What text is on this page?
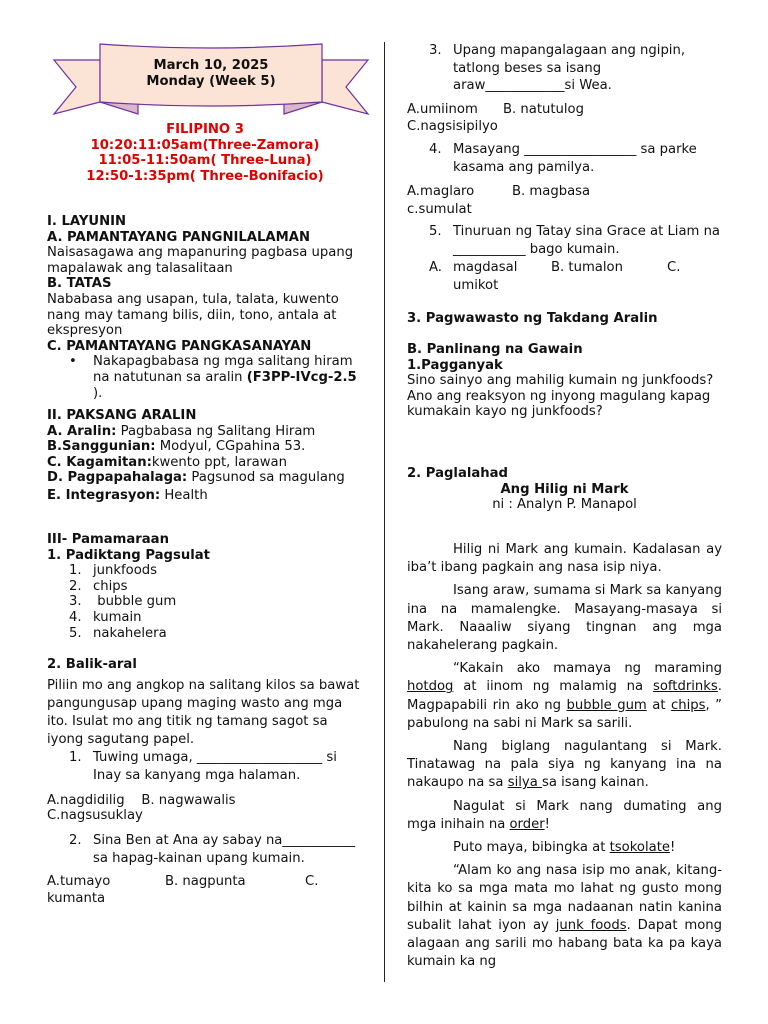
March 10, 2025
Monday (Week 5)
FILIPINO 3
10:20:11:05am(Three-Zamora)
11:05-11:50am( Three-Luna)
12:50-1:35pm( Three-Bonifacio)
I. LAYUNIN
A. PAMANTAYANG PANGNILALAMAN
Naisasagawa ang mapanuring pagbasa upang mapalawak ang talasalitaan
B. TATAS
Nababasa ang usapan, tula, talata, kuwento nang may tamang bilis, diin, tono, antala at ekspresyon
C. PAMANTAYANG PANGKASANAYAN
• Nakapagbabasa ng mga salitang hiram na natutunan sa aralin (F3PP-IVcg-2.5 ).
II. PAKSANG ARALIN
A. Aralin: Pagbabasa ng Salitang Hiram
B.Sanggunian: Modyul, CGpahina 53.
C. Kagamitan:kwento ppt, larawan
D. Pagpapahalaga: Pagsunod sa magulang
E. Integrasyon: Health
III- Pamamaraan
1. Padiktang Pagsulat
1. junkfoods
2. chips
3. bubble gum
4. kumain
5. nakahelera
2. Balik-aral
Piliin mo ang angkop na salitang kilos sa bawat pangungusap upang maging wasto ang mga ito. Isulat mo ang titik ng tamang sagot sa iyong sagutang papel.
1. Tuwing umaga, ___________________ si Inay sa kanyang mga halaman.
A.nagdidilig B. nagwawalis
C.nagsusuklay
2. Sina Ben at Ana ay sabay na___________ sa hapag-kainan upang kumain.
A.tumayo	B. nagpunta	C.
kumanta
3. Upang mapangalagaan ang ngipin, tatlong beses sa isang araw____________si Wea.
A.umiinom B. natutulog
C.nagsisipilyo
4. Masayang _________________ sa parke kasama ang pamilya.
A.maglaro	B. magbasa
c.sumulat
5. Tinuruan ng Tatay sina Grace at Liam na ___________ bago kumain.
A. magdasal	B. tumalon	C.
umikot
3. Pagwawasto ng Takdang Aralin
B. Panlinang na Gawain
1.Pagganyak
Sino sainyo ang mahilig kumain ng junkfoods? Ano ang reaksyon ng inyong magulang kapag kumakain kayo ng junkfoods?
2. Paglalahad
Ang Hilig ni Mark
ni : Analyn P. Manapol

Hilig ni Mark ang kumain. Kadalasan ay iba’t ibang pagkain ang nasa isip niya.

Isang araw, sumama si Mark sa kanyang ina na mamalengke. Masayang-masaya si Mark. Naaaliw siyang tingnan ang mga nakahelerang pagkain.

“Kakain ako mamaya ng maraming hotdog at iinom ng malamig na softdrinks. Magpapabili rin ako ng bubble gum at chips, ” pabulong na sabi ni Mark sa sarili.

Nang biglang nagulantang si Mark. Tinatawag na pala siya ng kanyang ina na nakaupo na sa silya sa isang kainan.

Nagulat si Mark nang dumating ang mga inihain na order!

Puto maya, bibingka at tsokolate!

“Alam ko ang nasa isip mo anak, kitang-kita ko sa mga mata mo lahat ng gusto mong bilhin at kainin sa mga nadaanan natin kanina subalit lahat iyon ay junk foods. Dapat mong alagaan ang sarili mo habang bata ka pa kaya kumain ka ng
